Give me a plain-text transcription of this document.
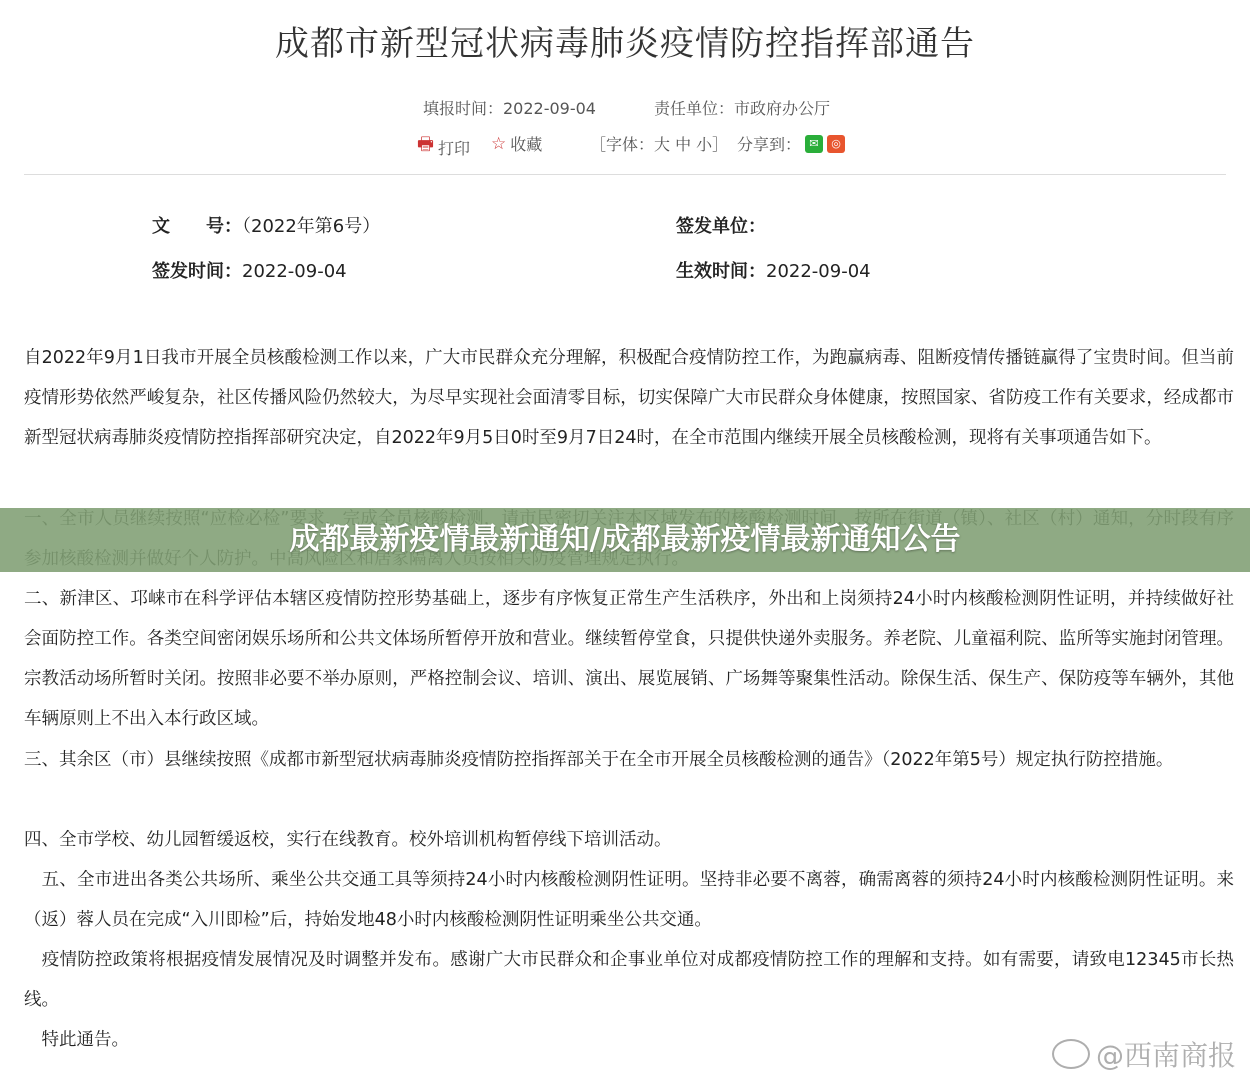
成都市新型冠状病毒肺炎疫情防控指挥部通告
填报时间：2022-09-04	责任单位：市政府办公厅
🖶 打印 ☆ 收藏	［字体：大 中 小］ 分享到： ✉	◎
文　　号：（2022年第6号）	签发单位：
签发时间：2022-09-04	生效时间：2022-09-04
自2022年9月1日我市开展全员核酸检测工作以来，广大市民群众充分理解，积极配合疫情防控工作，为跑赢病毒、阻断疫情传播链赢得了宝贵时间。但当前疫情形势依然严峻复杂，社区传播风险仍然较大，为尽早实现社会面清零目标，切实保障广大市民群众身体健康，按照国家、省防疫工作有关要求，经成都市新型冠状病毒肺炎疫情防控指挥部研究决定，自2022年9月5日0时至9月7日24时，在全市范围内继续开展全员核酸检测，现将有关事项通告如下。
二、新津区、邛崃市在科学评估本辖区疫情防控形势基础上，逐步有序恢复正常生产生活秩序，外出和上岗须持24小时内核酸检测阴性证明，并持续做好社会面防控工作。各类空间密闭娱乐场所和公共文体场所暂停开放和营业。继续暂停堂食，只提供快递外卖服务。养老院、儿童福利院、监所等实施封闭管理。宗教活动场所暂时关闭。按照非必要不举办原则，严格控制会议、培训、演出、展览展销、广场舞等聚集性活动。除保生活、保生产、保防疫等车辆外，其他车辆原则上不出入本行政区域。
三、其余区（市）县继续按照《成都市新型冠状病毒肺炎疫情防控指挥部关于在全市开展全员核酸检测的通告》（2022年第5号）规定执行防控措施。
四、全市学校、幼儿园暂缓返校，实行在线教育。校外培训机构暂停线下培训活动。
　五、全市进出各类公共场所、乘坐公共交通工具等须持24小时内核酸检测阴性证明。坚持非必要不离蓉，确需离蓉的须持24小时内核酸检测阴性证明。来（返）蓉人员在完成“入川即检”后，持始发地48小时内核酸检测阴性证明乘坐公共交通。
　疫情防控政策将根据疫情发展情况及时调整并发布。感谢广大市民群众和企事业单位对成都疫情防控工作的理解和支持。如有需要，请致电12345市长热线。
　特此通告。
成都最新疫情最新通知/成都最新疫情最新通知公告
@西南商报
